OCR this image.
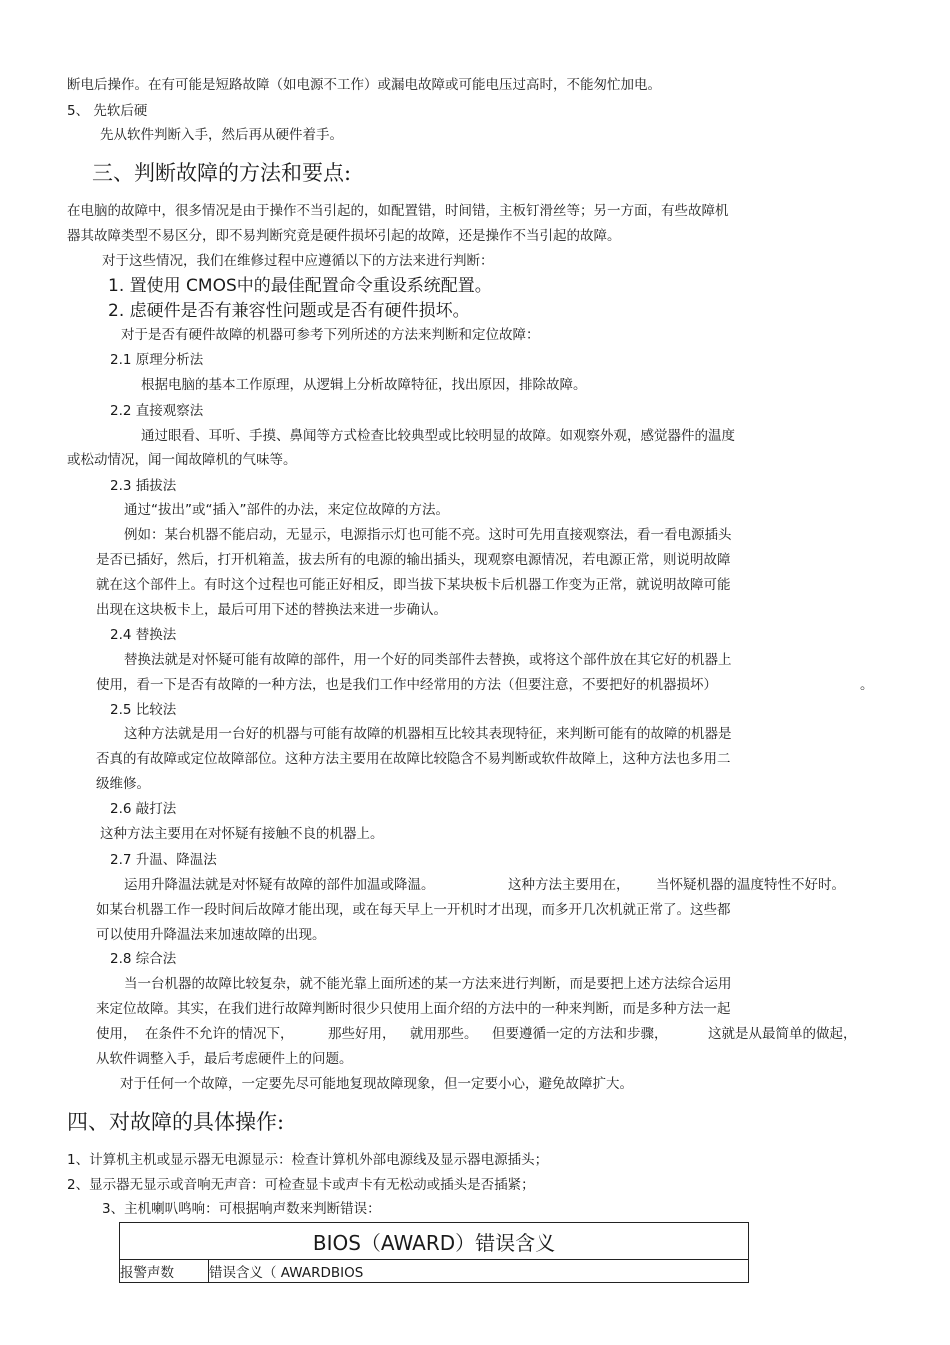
断电后操作。在有可能是短路故障（如电源不工作）或漏电故障或可能电压过高时，不能匆忙加电。
5、 先软后硬
先从软件判断入手，然后再从硬件着手。
三、判断故障的方法和要点:
在电脑的故障中，很多情况是由于操作不当引起的，如配置错，时间错，主板钉滑丝等；另一方面，有些故障机
器其故障类型不易区分，即不易判断究竟是硬件损坏引起的故障，还是操作不当引起的故障。
对于这些情况，我们在维修过程中应遵循以下的方法来进行判断：
1. 置使用 CMOS中的最佳配置命令重设系统配置。
2. 虑硬件是否有兼容性问题或是否有硬件损坏。
对于是否有硬件故障的机器可参考下列所述的方法来判断和定位故障：
2.1 原理分析法
根据电脑的基本工作原理，从逻辑上分析故障特征，找出原因，排除故障。
2.2 直接观察法
通过眼看、耳听、手摸、鼻闻等方式检查比较典型或比较明显的故障。如观察外观，感觉器件的温度
或松动情况，闻一闻故障机的气味等。
2.3 插拔法
通过“拔出”或“插入”部件的办法，来定位故障的方法。
例如：某台机器不能启动，无显示，电源指示灯也可能不亮。这时可先用直接观察法，看一看电源插头
是否已插好，然后，打开机箱盖，拔去所有的电源的输出插头，现观察电源情况，若电源正常，则说明故障
就在这个部件上。有时这个过程也可能正好相反，即当拔下某块板卡后机器工作变为正常，就说明故障可能
出现在这块板卡上，最后可用下述的替换法来进一步确认。
2.4 替换法
替换法就是对怀疑可能有故障的部件，用一个好的同类部件去替换，或将这个部件放在其它好的机器上
使用，看一下是否有故障的一种方法，也是我们工作中经常用的方法（但要注意，不要把好的机器损坏）	。
2.5 比较法
这种方法就是用一台好的机器与可能有故障的机器相互比较其表现特征，来判断可能有的故障的机器是
否真的有故障或定位故障部位。这种方法主要用在故障比较隐含不易判断或软件故障上，这种方法也多用二
级维修。
2.6 敲打法
这种方法主要用在对怀疑有接触不良的机器上。
2.7 升温、降温法
运用升降温法就是对怀疑有故障的部件加温或降温。	这种方法主要用在， 当怀疑机器的温度特性不好时。
如某台机器工作一段时间后故障才能出现，或在每天早上一开机时才出现，而多开几次机就正常了。这些都
可以使用升降温法来加速故障的出现。
2.8 综合法
当一台机器的故障比较复杂，就不能光靠上面所述的某一方法来进行判断，而是要把上述方法综合运用
来定位故障。其实，在我们进行故障判断时很少只使用上面介绍的方法中的一种来判断，而是多种方法一起
使用， 在条件不允许的情况下，	那些好用， 就用那些。 但要遵循一定的方法和步骤，	这就是从最简单的做起，
从软件调整入手，最后考虑硬件上的问题。
对于任何一个故障，一定要先尽可能地复现故障现象，但一定要小心，避免故障扩大。
四、对故障的具体操作:
1、计算机主机或显示器无电源显示：检查计算机外部电源线及显示器电源插头；
2、显示器无显示或音响无声音：可检查显卡或声卡有无松动或插头是否插紧；
3、主机喇叭鸣响：可根据响声数来判断错误：
BIOS（AWARD）错误含义
报警声数	错误含义（ AWARDBIOS
